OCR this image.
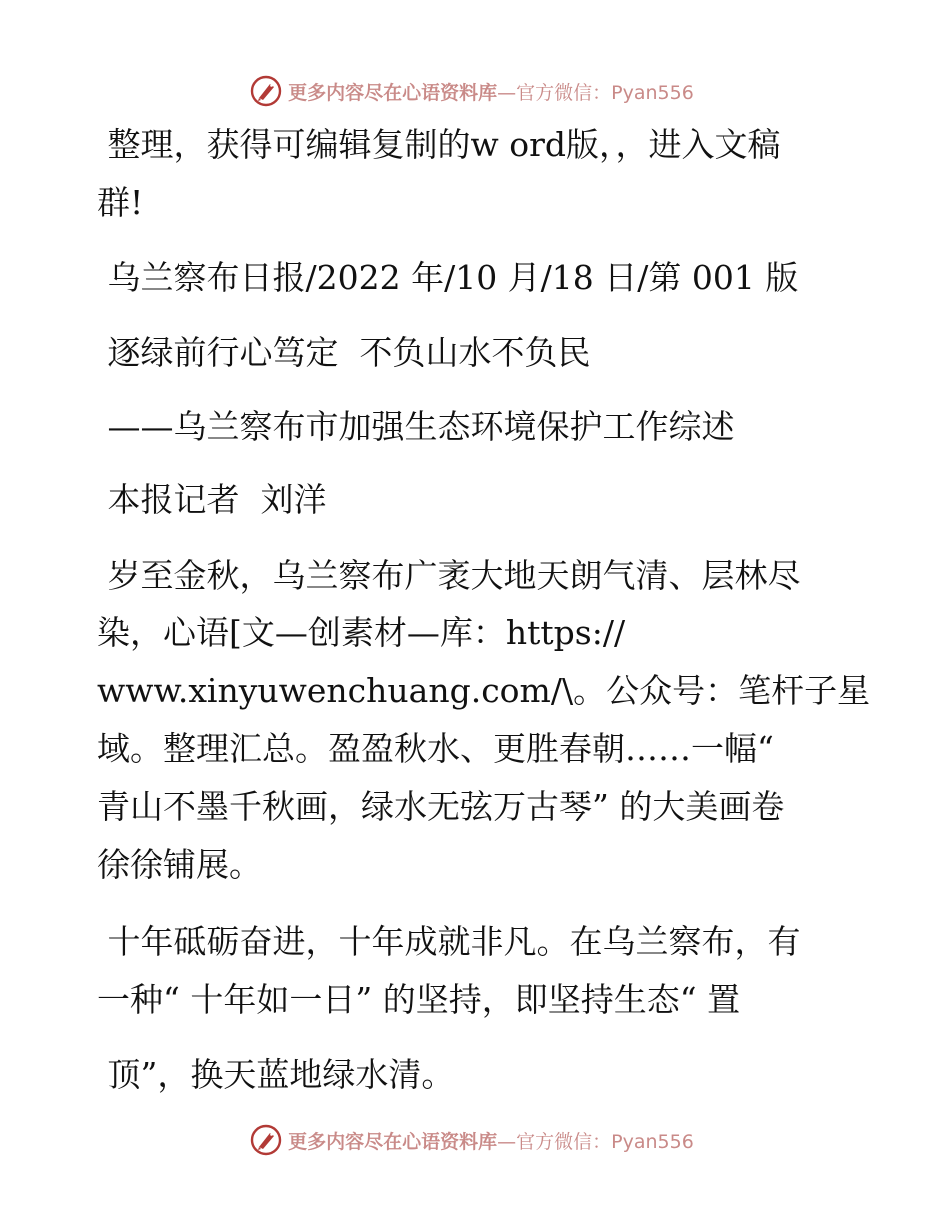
更多内容尽在心语资料库—官方微信：Pyan556
整理，获得可编辑复制的w ord版，，进入文稿
群!
乌兰察布日报/2022 年/10 月/18 日/第 001 版
逐绿前行心笃定  不负山水不负民
——乌兰察布市加强生态环境保护工作综述
本报记者  刘洋
岁至金秋，乌兰察布广袤大地天朗气清、层林尽
染，心语[文—创素材—库：https://
www.xinyuwenchuang.com/\。公众号：笔杆子星
域。整理汇总。盈盈秋水、更胜春朝……一幅“
青山不墨千秋画，绿水无弦万古琴” 的大美画卷
徐徐铺展。
十年砥砺奋进，十年成就非凡。在乌兰察布，有
一种“ 十年如一日” 的坚持，即坚持生态“ 置
顶”，换天蓝地绿水清。
更多内容尽在心语资料库—官方微信：Pyan556
